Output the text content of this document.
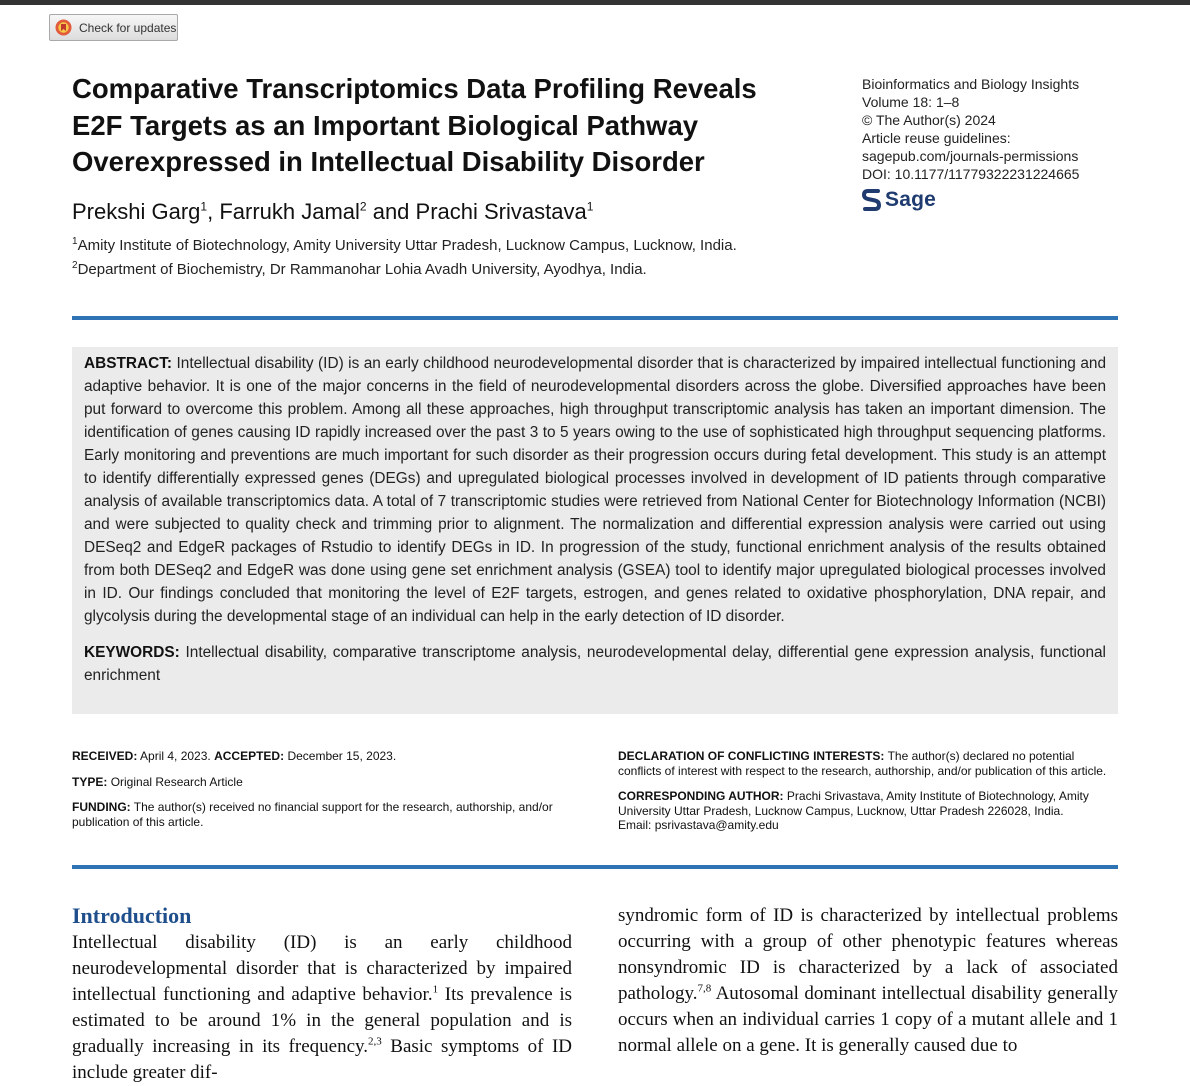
Check for updates
Comparative Transcriptomics Data Profiling Reveals E2F Targets as an Important Biological Pathway Overexpressed in Intellectual Disability Disorder
Prekshi Garg$^1$, Farrukh Jamal$^2$ and Prachi Srivastava$^1$
$^1$Amity Institute of Biotechnology, Amity University Uttar Pradesh, Lucknow Campus, Lucknow, India. $^2$Department of Biochemistry, Dr Rammanohar Lohia Avadh University, Ayodhya, India.
Bioinformatics and Biology Insights
Volume 18: 1–8
© The Author(s) 2024
Article reuse guidelines:
sagepub.com/journals-permissions
DOI: 10.1177/11779322231224665
Sage

ABSTRACT: Intellectual disability (ID) is an early childhood neurodevelopmental disorder that is characterized by impaired intellectual functioning and adaptive behavior. It is one of the major concerns in the field of neurodevelopmental disorders across the globe. Diversified approaches have been put forward to overcome this problem. Among all these approaches, high throughput transcriptomic analysis has taken an important dimension. The identification of genes causing ID rapidly increased over the past 3 to 5 years owing to the use of sophisticated high throughput sequencing platforms. Early monitoring and preventions are much important for such disorder as their progression occurs during fetal development. This study is an attempt to identify differentially expressed genes (DEGs) and upregulated biological processes involved in development of ID patients through comparative analysis of available transcriptomics data. A total of 7 transcriptomic studies were retrieved from National Center for Biotechnology Information (NCBI) and were subjected to quality check and trimming prior to alignment. The normalization and differential expression analysis were carried out using DESeq2 and EdgeR packages of Rstudio to identify DEGs in ID. In progression of the study, functional enrichment analysis of the results obtained from both DESeq2 and EdgeR was done using gene set enrichment analysis (GSEA) tool to identify major upregulated biological processes involved in ID. Our findings concluded that monitoring the level of E2F targets, estrogen, and genes related to oxidative phosphorylation, DNA repair, and glycolysis during the developmental stage of an individual can help in the early detection of ID disorder.

KEYWORDS: Intellectual disability, comparative transcriptome analysis, neurodevelopmental delay, differential gene expression analysis, functional enrichment

RECEIVED: April 4, 2023. ACCEPTED: December 15, 2023.

TYPE: Original Research Article

FUNDING: The author(s) received no financial support for the research, authorship, and/or publication of this article.

DECLARATION OF CONFLICTING INTERESTS: The author(s) declared no potential conflicts of interest with respect to the research, authorship, and/or publication of this article.

CORRESPONDING AUTHOR: Prachi Srivastava, Amity Institute of Biotechnology, Amity University Uttar Pradesh, Lucknow Campus, Lucknow, Uttar Pradesh 226028, India.
Email: psrivastava@amity.edu

Introduction

Intellectual disability (ID) is an early childhood neurodevelopmental disorder that is characterized by impaired intellectual functioning and adaptive behavior.$^1$ Its prevalence is estimated to be around 1% in the general population and is gradually increasing in its frequency.$^{2,3}$ Basic symptoms of ID include greater dif-

syndromic form of ID is characterized by intellectual problems occurring with a group of other phenotypic features whereas nonsyndromic ID is characterized by a lack of associated pathology.$^{7,8}$ Autosomal dominant intellectual disability generally occurs when an individual carries 1 copy of a mutant allele and 1 normal allele on a gene. It is generally caused due to
